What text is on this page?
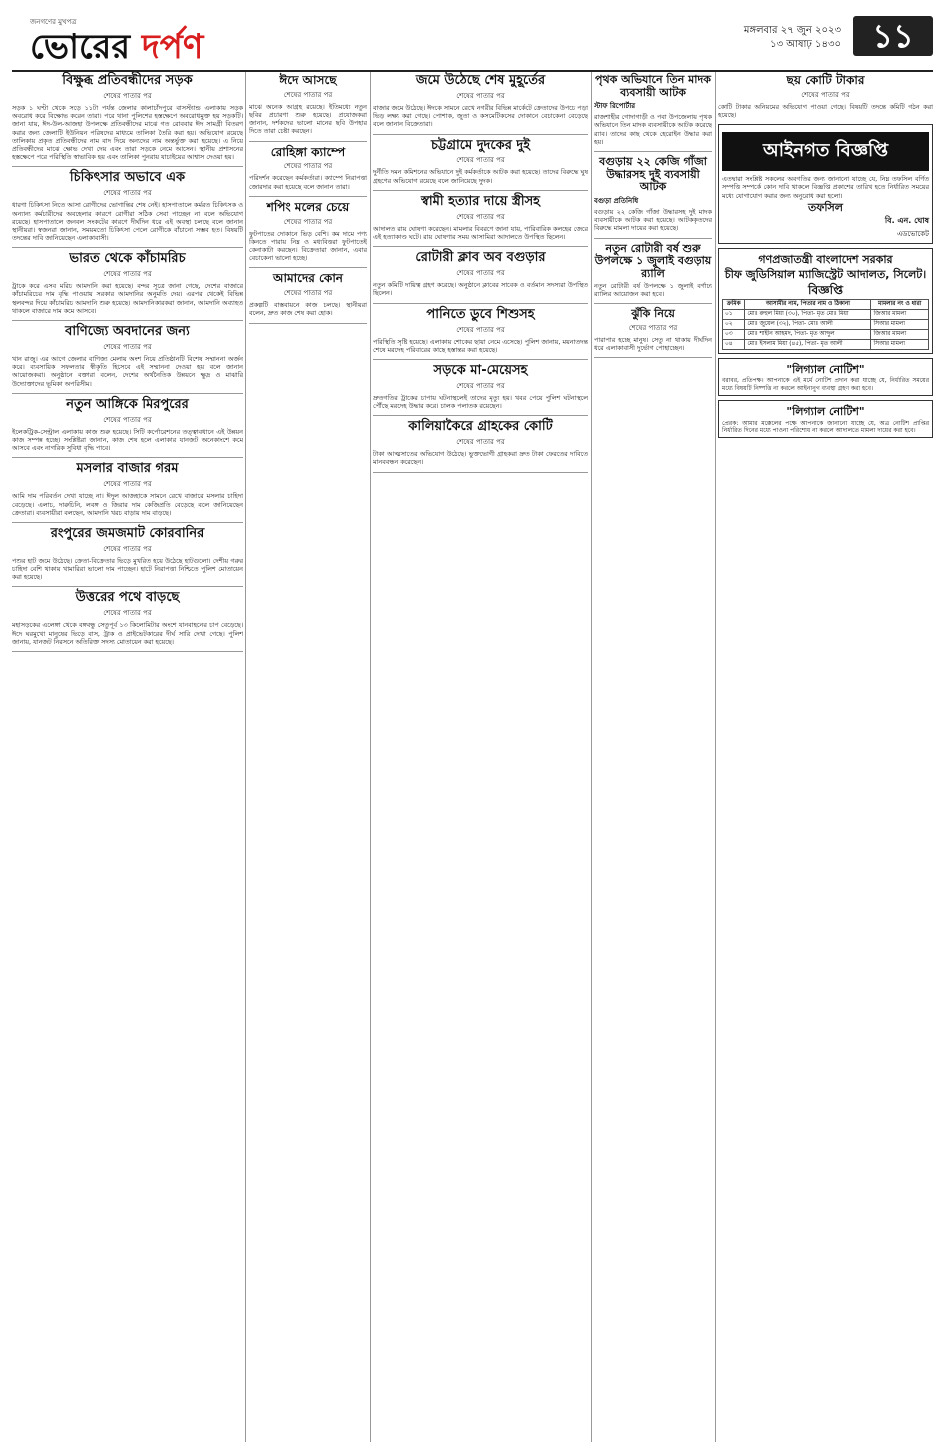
জনগণের মুখপত্র
ভোরের দর্পণ	মঙ্গলবার ২৭ জুন ২০২৩
১৩ আষাঢ় ১৪৩০ ১১
বিক্ষুব্ধ প্রতিবন্ধীদের সড়ক
শেষের পাতার পর
সড়ক ১ ঘণ্টা থেকে সড়ে ১১টা পর্যন্ত জেলার কালাচাঁদপুরে বাসস্ট্যান্ড এলাকায় সড়ক অবরোধ করে বিক্ষোভ করেন তারা। পরে থানা পুলিশের হস্তক্ষেপে অবরোধমুক্ত হয় সড়কটি। জানা যায়, ঈদ-উল-আজহা উপলক্ষে প্রতিবন্ধীদের মাঝে গত রোববার ঈদ সামগ্রী বিতরণ করার জন্য জেলাটি ইউনিয়ন পরিষদের মাধ্যমে তালিকা তৈরি করা হয়। অভিযোগ রয়েছে তালিকায় প্রকৃত প্রতিবন্ধীদের নাম বাদ দিয়ে অন্যদের নাম অন্তর্ভুক্ত করা হয়েছে। এ নিয়ে প্রতিবন্ধীদের মাঝে ক্ষোভ দেখা দেয় এবং তারা সড়কে নেমে আসেন। স্থানীয় প্রশাসনের হস্তক্ষেপে পরে পরিস্থিতি স্বাভাবিক হয় এবং তালিকা পুনরায় যাচাইয়ের আশ্বাস দেওয়া হয়।
চিকিৎসার অভাবে এক
শেষের পাতার পর
ধারণা চিকিৎসা নিতে আসা রোগীদের ভোগান্তির শেষ নেই। হাসপাতালে কর্মরত চিকিৎসক ও অন্যান্য কর্মচারীদের অবহেলার কারণে রোগীরা সঠিক সেবা পাচ্ছেন না বলে অভিযোগ রয়েছে। হাসপাতালে জনবল সংকটের কারণে দীর্ঘদিন ধরে এই অবস্থা চলছে বলে জানান স্থানীয়রা। স্বজনরা জানান, সময়মতো চিকিৎসা পেলে রোগীকে বাঁচানো সম্ভব হত। বিষয়টি তদন্তের দাবি জানিয়েছেন এলাকাবাসী।
ভারত থেকে কাঁচামরিচ
শেষের পাতার পর
ট্রাকে করে এসব মরিচ আমদানি করা হয়েছে। বন্দর সূত্রে জানা গেছে, দেশের বাজারে কাঁচামরিচের দাম বৃদ্ধি পাওয়ায় সরকার আমদানির অনুমতি দেয়। এরপর থেকেই বিভিন্ন স্থলবন্দর দিয়ে কাঁচামরিচ আমদানি শুরু হয়েছে। আমদানিকারকরা জানান, আমদানি অব্যাহত থাকলে বাজারে দাম কমে আসবে।
বাণিজ্যে অবদানের জন্য
শেষের পাতার পর
খান রাজু। এর আগে জেলার বাণিজ্য মেলায় অংশ নিয়ে প্রতিষ্ঠানটি বিশেষ সম্মাননা অর্জন করে। ব্যবসায়িক সফলতার স্বীকৃতি হিসেবে এই সম্মাননা দেওয়া হয় বলে জানান আয়োজকরা। অনুষ্ঠানে বক্তারা বলেন, দেশের অর্থনৈতিক উন্নয়নে ক্ষুদ্র ও মাঝারি উদ্যোক্তাদের ভূমিকা অপরিসীম।
নতুন আঙ্গিকে মিরপুরের
শেষের পাতার পর
ইলেকট্রিক-সেন্ট্রাল এলাকায় কাজ শুরু হয়েছে। সিটি কর্পোরেশনের তত্ত্বাবধানে এই উন্নয়ন কাজ সম্পন্ন হচ্ছে। সংশ্লিষ্টরা জানান, কাজ শেষ হলে এলাকার যানজট অনেকাংশে কমে আসবে এবং নাগরিক সুবিধা বৃদ্ধি পাবে।
মসলার বাজার গরম
শেষের পাতার পর
আমি দাম পরিবর্তন দেখা যাচ্ছে না। ঈদুল আজহাকে সামনে রেখে বাজারে মসলার চাহিদা বেড়েছে। এলাচ, দারুচিনি, লবঙ্গ ও জিরার দাম কেজিপ্রতি বেড়েছে বলে জানিয়েছেন ক্রেতারা। ব্যবসায়ীরা বলছেন, আমদানি খরচ বাড়ায় দাম বাড়ছে।
রংপুরের জমজমাট কোরবানির
শেষের পাতার পর
পশুর হাট জমে উঠেছে। ক্রেতা-বিক্রেতার ভিড়ে মুখরিত হয়ে উঠেছে হাটগুলো। দেশীয় গরুর চাহিদা বেশি থাকায় খামারিরা ভালো দাম পাচ্ছেন। হাটে নিরাপত্তা নিশ্চিতে পুলিশ মোতায়েন করা হয়েছে।
উত্তরের পথে বাড়ছে
শেষের পাতার পর
মহাসড়কের এলেঙ্গা থেকে বঙ্গবন্ধু সেতুপূর্ব ১৩ কিলোমিটার অংশে যানবাহনের চাপ বেড়েছে। ঈদে ঘরমুখো মানুষের ভিড়ে বাস, ট্রাক ও প্রাইভেটকারের দীর্ঘ সারি দেখা গেছে। পুলিশ জানায়, যানজট নিরসনে অতিরিক্ত সদস্য মোতায়েন করা হয়েছে।
ঈদে আসছে
শেষের পাতার পর
মাঝে অনেক আগ্রহ রয়েছে। ইতিমধ্যে নতুন ছবির প্রচারণা শুরু হয়েছে। প্রযোজকরা জানান, দর্শকদের ভালো মানের ছবি উপহার দিতে তারা চেষ্টা করছেন।
রোহিঙ্গা ক্যাম্পে
শেষের পাতার পর
পরিদর্শন করেছেন কর্মকর্তারা। ক্যাম্পে নিরাপত্তা জোরদার করা হয়েছে বলে জানান তারা।
শপিং মলের চেয়ে
শেষের পাতার পর
ফুটপাতের দোকানে ভিড় বেশি। কম দামে পণ্য কিনতে পারায় নিম্ন ও মধ্যবিত্তরা ফুটপাতেই কেনাকাটা করছেন। বিক্রেতারা জানান, এবার বেচাকেনা ভালো হচ্ছে।
আমাদের কোন
শেষের পাতার পর
প্রকল্পটি বাস্তবায়নে কাজ চলছে। স্থানীয়রা বলেন, দ্রুত কাজ শেষ করা হোক।
জমে উঠেছে শেষ মুহূর্তের
শেষের পাতার পর
বাজার জমে উঠেছে। ঈদকে সামনে রেখে নগরীর বিভিন্ন মার্কেটে ক্রেতাদের উপচে পড়া ভিড় লক্ষ্য করা গেছে। পোশাক, জুতা ও কসমেটিকসের দোকানে বেচাকেনা বেড়েছে বলে জানান বিক্রেতারা।
চট্টগ্রামে দুদকের দুই
শেষের পাতার পর
দুর্নীতি দমন কমিশনের অভিযানে দুই কর্মকর্তাকে আটক করা হয়েছে। তাদের বিরুদ্ধে ঘুষ গ্রহণের অভিযোগ রয়েছে বলে জানিয়েছে দুদক।
স্বামী হত্যার দায়ে স্ত্রীসহ
শেষের পাতার পর
আদালত রায় ঘোষণা করেছেন। মামলার বিবরণে জানা যায়, পারিবারিক কলহের জেরে এই হত্যাকাণ্ড ঘটে। রায় ঘোষণার সময় আসামিরা আদালতে উপস্থিত ছিলেন।
রোটারী ক্লাব অব বগুড়ার
শেষের পাতার পর
নতুন কমিটি দায়িত্ব গ্রহণ করেছে। অনুষ্ঠানে ক্লাবের সাবেক ও বর্তমান সদস্যরা উপস্থিত ছিলেন।
পানিতে ডুবে শিশুসহ
শেষের পাতার পর
পরিস্থিতি সৃষ্টি হয়েছে। এলাকায় শোকের ছায়া নেমে এসেছে। পুলিশ জানায়, ময়নাতদন্ত শেষে মরদেহ পরিবারের কাছে হস্তান্তর করা হয়েছে।
সড়কে মা-মেয়েসহ
শেষের পাতার পর
দ্রুতগতির ট্রাকের চাপায় ঘটনাস্থলেই তাদের মৃত্যু হয়। খবর পেয়ে পুলিশ ঘটনাস্থলে পৌঁছে মরদেহ উদ্ধার করে। চালক পলাতক রয়েছেন।
কালিয়াকৈরে গ্রাহকের কোটি
শেষের পাতার পর
টাকা আত্মসাতের অভিযোগ উঠেছে। ভুক্তভোগী গ্রাহকরা দ্রুত টাকা ফেরতের দাবিতে মানববন্ধন করেছেন।
পৃথক অভিযানে তিন মাদক ব্যবসায়ী আটক
স্টাফ রিপোর্টার
রাজশাহীর গোদাগাড়ী ও পবা উপজেলায় পৃথক অভিযানে তিন মাদক ব্যবসায়ীকে আটক করেছে র‍্যাব। তাদের কাছ থেকে হেরোইন উদ্ধার করা হয়।
বগুড়ায় ২২ কেজি গাঁজা উদ্ধারসহ দুই ব্যবসায়ী আটক
বগুড়া প্রতিনিধি
বগুড়ায় ২২ কেজি গাঁজা উদ্ধারসহ দুই মাদক ব্যবসায়ীকে আটক করা হয়েছে। আটককৃতদের বিরুদ্ধে মামলা দায়ের করা হয়েছে।
নতুন রোটারী বর্ষ শুরু উপলক্ষে ১ জুলাই বগুড়ায় র‍্যালি
নতুন রোটারী বর্ষ উপলক্ষে ১ জুলাই বর্ণাঢ্য র‍্যালির আয়োজন করা হবে।
ঝুঁকি নিয়ে
শেষের পাতার পর
পারাপার হচ্ছে মানুষ। সেতু না থাকায় দীর্ঘদিন ধরে এলাকাবাসী দুর্ভোগ পোহাচ্ছেন।
ছয় কোটি টাকার
শেষের পাতার পর
কোটি টাকার অনিয়মের অভিযোগ পাওয়া গেছে। বিষয়টি তদন্তে কমিটি গঠন করা হয়েছে।
আইনগত বিজ্ঞপ্তি
এতদ্বারা সংশ্লিষ্ট সকলের অবগতির জন্য জানানো যাচ্ছে যে, নিম্ন তফসিল বর্ণিত সম্পত্তি সম্পর্কে কোন দাবি থাকলে বিজ্ঞপ্তি প্রকাশের তারিখ হতে নির্ধারিত সময়ের মধ্যে যোগাযোগ করার জন্য অনুরোধ করা হলো।
তফসিল
বি. এন. ঘোষ
এডভোকেট
গণপ্রজাতন্ত্রী বাংলাদেশ সরকার
চীফ জুডিসিয়াল ম্যাজিস্ট্রেট আদালত, সিলেট।
বিজ্ঞপ্তি
ক্রমিক	আসামীর নাম, পিতার নাম ও ঠিকানা	মামলার নং ও ধারা
০১	মোঃ রুহুল মিয়া (৩০), পিতা- মৃত মোঃ মিয়া	জিআর মামলা
০২	মোঃ জুয়েল (৩২), পিতা- মোঃ আলী	সিআর মামলা
০৩	মোঃ শাহীন আহমদ, পিতা- মৃত আব্দুল	জিআর মামলা
০৪	মোঃ ইসলাম মিয়া (৪৫), পিতা- মৃত আলী	সিআর মামলা
"লিগ্যাল নোটিশ"
বরাবর, প্রতিপক্ষ। আপনাকে এই মর্মে নোটিশ প্রদান করা যাচ্ছে যে, নির্ধারিত সময়ের মধ্যে বিষয়টি নিষ্পত্তি না করলে আইনানুগ ব্যবস্থা গ্রহণ করা হবে।
"লিগ্যাল নোটিশ"
প্রেরক: আমার মক্কেলের পক্ষে আপনাকে জানানো যাচ্ছে যে, অত্র নোটিশ প্রাপ্তির নির্ধারিত দিনের মধ্যে পাওনা পরিশোধ না করলে আদালতে মামলা দায়ের করা হবে।
